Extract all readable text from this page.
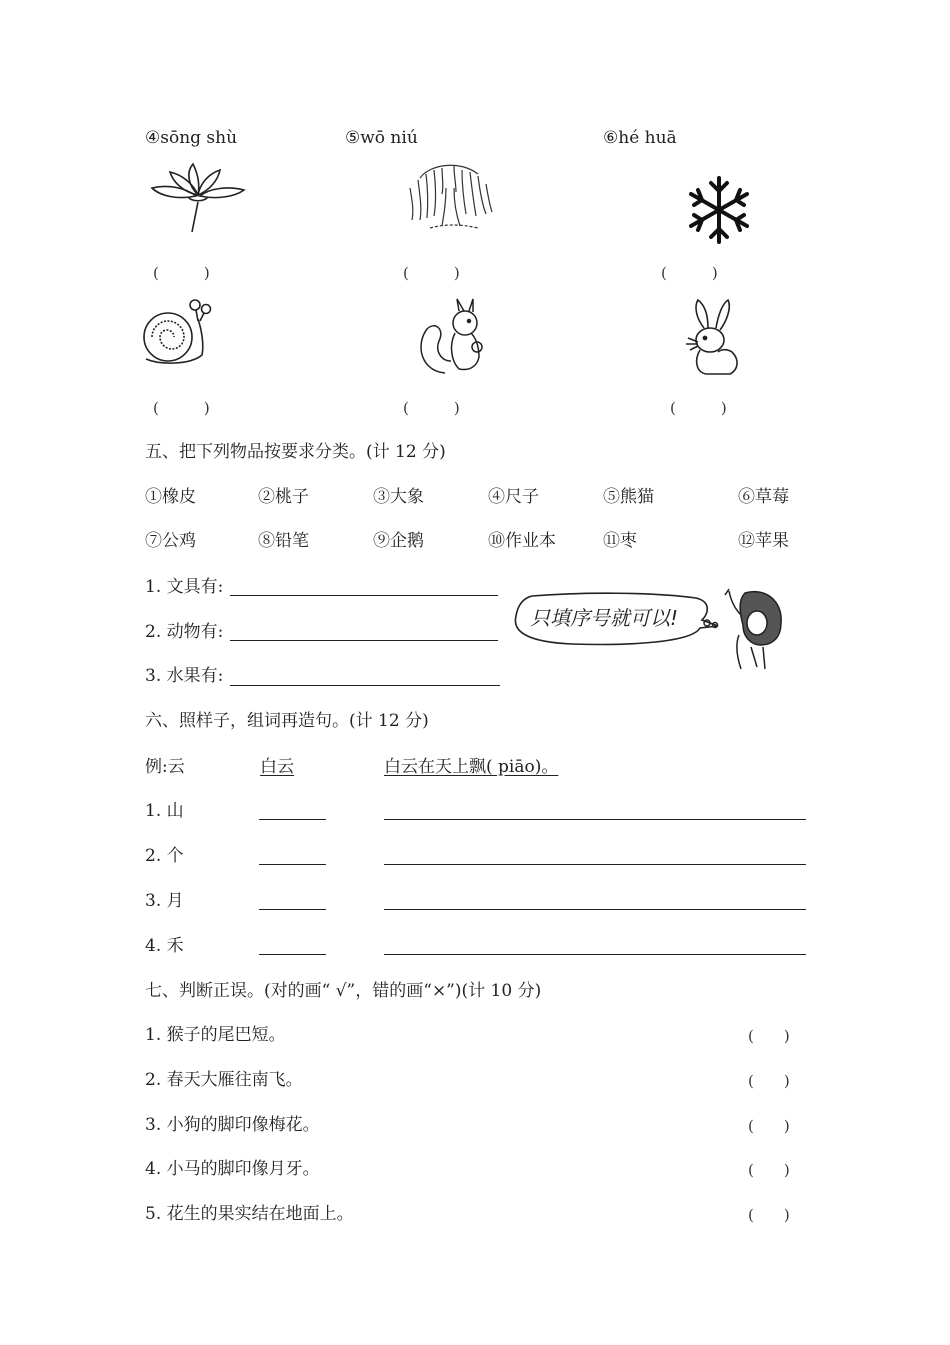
④sōng shù	⑤wō niú	⑥hé huā
(　　　)	(　　　)	(　　　)
(　　　)	(　　　)	(　　　)
五、把下列物品按要求分类。(计 12 分)
①橡皮	②桃子	③大象	④尺子	⑤熊猫	⑥草莓
⑦公鸡	⑧铅笔	⑨企鹅	⑩作业本	⑪枣	⑫苹果
1. 文具有:
2. 动物有:
3. 水果有:
只填序号就可以!
六、照样子，组词再造句。(计 12 分)
例:云	白云	白云在天上飘( piāo)。
1. 山
2. 个
3. 月
4. 禾
七、判断正误。(对的画“ √”，错的画“×”)(计 10 分)
1. 猴子的尾巴短。	(　　)
2. 春天大雁往南飞。	(　　)
3. 小狗的脚印像梅花。	(　　)
4. 小马的脚印像月牙。	(　　)
5. 花生的果实结在地面上。	(　　)
